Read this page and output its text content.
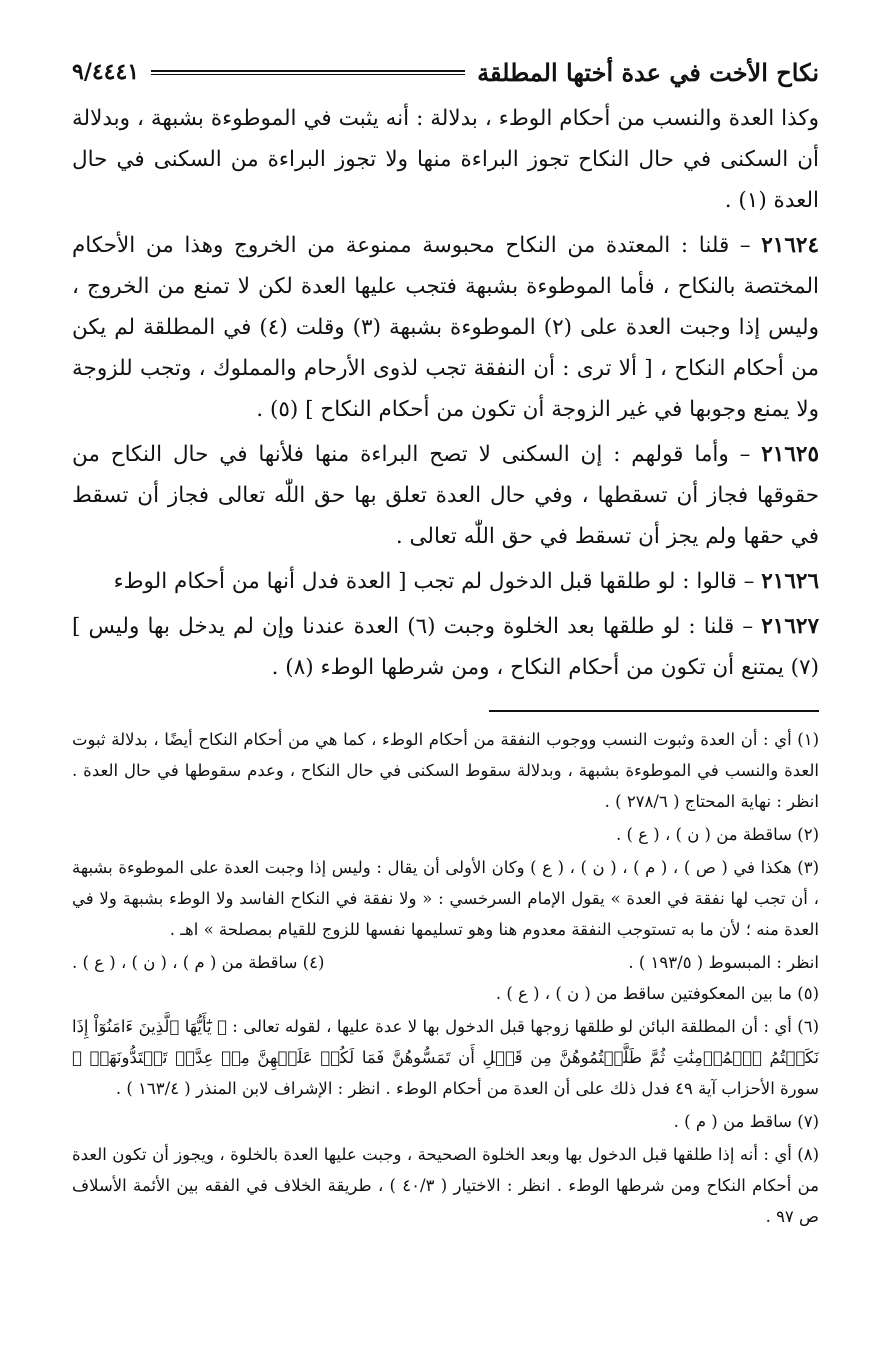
نكاح الأخت في عدة أختها المطلقة
٩/٤٤٤١

وكذا العدة والنسب من أحكام الوطء ، بدلالة : أنه يثبت في الموطوءة بشبهة ، وبدلالة أن السكنى في حال النكاح تجوز البراءة منها ولا تجوز البراءة من السكنى في حال العدة (١) .

٢١٦٢٤ – قلنا : المعتدة من النكاح محبوسة ممنوعة من الخروج وهذا من الأحكام المختصة بالنكاح ، فأما الموطوءة بشبهة فتجب عليها العدة لكن لا تمنع من الخروج ، وليس إذا وجبت العدة على (٢) الموطوءة بشبهة (٣) وقلت (٤) في المطلقة لم يكن من أحكام النكاح ، [ ألا ترى : أن النفقة تجب لذوى الأرحام والمملوك ، وتجب للزوجة ولا يمنع وجوبها في غير الزوجة أن تكون من أحكام النكاح ] (٥) .

٢١٦٢٥ – وأما قولهم : إن السكنى لا تصح البراءة منها فلأنها في حال النكاح من حقوقها فجاز أن تسقطها ، وفي حال العدة تعلق بها حق اللّٰه تعالى فجاز أن تسقط في حقها ولم يجز أن تسقط في حق اللّٰه تعالى .

٢١٦٢٦ – قالوا : لو طلقها قبل الدخول لم تجب [ العدة فدل أنها من أحكام الوطء

٢١٦٢٧ – قلنا : لو طلقها بعد الخلوة وجبت (٦) العدة عندنا وإن لم يدخل بها وليس ] (٧) يمتنع أن تكون من أحكام النكاح ، ومن شرطها الوطء (٨) .

(١) أي : أن العدة وثبوت النسب ووجوب النفقة من أحكام الوطء ، كما هي من أحكام النكاح أيضًا ، بدلالة ثبوت العدة والنسب في الموطوءة بشبهة ، وبدلالة سقوط السكنى في حال النكاح ، وعدم سقوطها في حال العدة . انظر : نهاية المحتاج ( ٢٧٨/٦ ) .

(٢) ساقطة من ( ن ) ، ( ع ) .

(٣) هكذا في ( ص ) ، ( م ) ، ( ن ) ، ( ع ) وكان الأولى أن يقال : وليس إذا وجبت العدة على الموطوءة بشبهة ، أن تجب لها نفقة في العدة » يقول الإمام السرخسي : « ولا نفقة في النكاح الفاسد ولا الوطء بشبهة ولا في العدة منه ؛ لأن ما به تستوجب النفقة معدوم هنا وهو تسليمها نفسها للزوج للقيام بمصلحة » اهـ .

انظر : المبسوط ( ١٩٣/٥ ) .
(٤) ساقطة من ( م ) ، ( ن ) ، ( ع ) .

(٥) ما بين المعكوفتين ساقط من ( ن ) ، ( ع ) .

(٦) أي : أن المطلقة البائن لو طلقها زوجها قبل الدخول بها لا عدة عليها ، لقوله تعالى : ﴿ يَٰٓأَيُّهَا ٱلَّذِينَ ءَامَنُوٓاْ إِذَا نَكَحۡتُمُ ٱلۡمُؤۡمِنَٰتِ ثُمَّ طَلَّقۡتُمُوهُنَّ مِن قَبۡلِ أَن تَمَسُّوهُنَّ فَمَا لَكُمۡ عَلَيۡهِنَّ مِنۡ عِدَّةٖ تَعۡتَدُّونَهَاۖ ﴾ سورة الأحزاب آية ٤٩ فدل ذلك على أن العدة من أحكام الوطء . انظر : الإشراف لابن المنذر ( ١٦٣/٤ ) .

(٧) ساقط من ( م ) .

(٨) أي : أنه إذا طلقها قبل الدخول بها وبعد الخلوة الصحيحة ، وجبت عليها العدة بالخلوة ، ويجوز أن تكون العدة من أحكام النكاح ومن شرطها الوطء . انظر : الاختيار ( ٤٠/٣ ) ، طريقة الخلاف في الفقه بين الأئمة الأسلاف ص ٩٧ .
